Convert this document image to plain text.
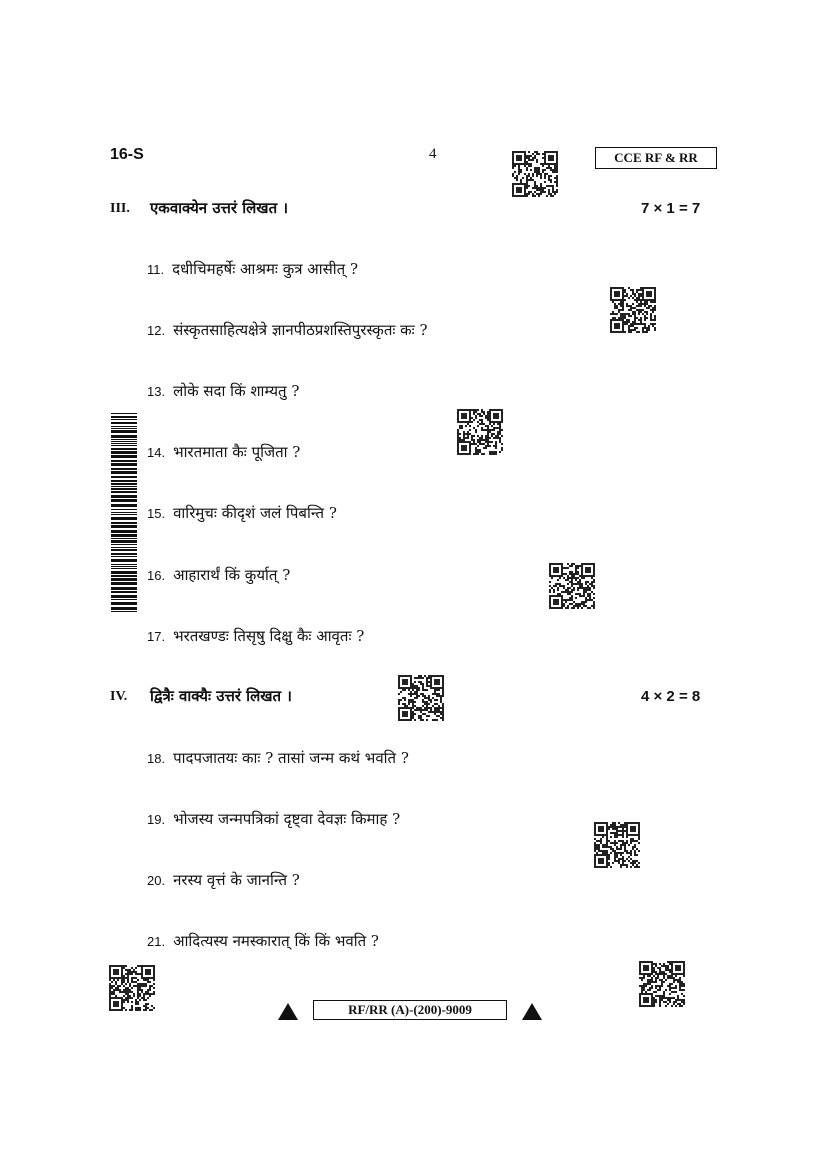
16-S	4	CCE RF & RR
III. एकवाक्येन उत्तरं लिखत ।	7 × 1 = 7
11. दधीचिमहर्षेः आश्रमः कुत्र आसीत् ?
12. संस्कृतसाहित्यक्षेत्रे ज्ञानपीठप्रशस्तिपुरस्कृतः कः ?
13. लोके सदा किं शाम्यतु ?
14. भारतमाता कैः पूजिता ?
15. वारिमुचः कीदृशं जलं पिबन्ति ?
16. आहारार्थं किं कुर्यात् ?
17. भरतखण्डः तिसृषु दिक्षु कैः आवृतः ?
IV. द्वित्रैः वाक्यैः उत्तरं लिखत ।	4 × 2 = 8
18. पादपजातयः काः ? तासां जन्म कथं भवति ?
19. भोजस्य जन्मपत्रिकां दृष्ट्वा देवज्ञः किमाह ?
20. नरस्य वृत्तं के जानन्ति ?
21. आदित्यस्य नमस्कारात् किं किं भवति ?
RF/RR (A)-(200)-9009
